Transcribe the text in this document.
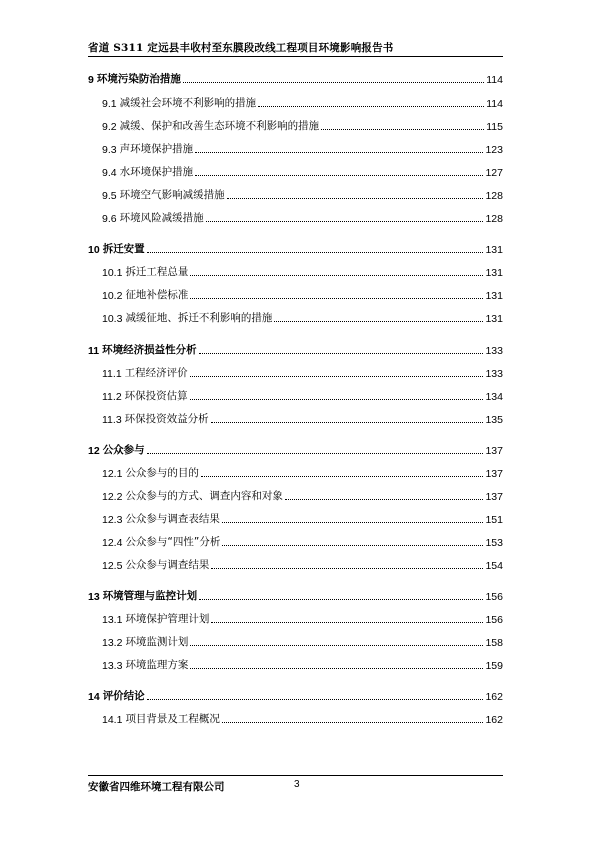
省道 S311 定远县丰收村至东膜段改线工程项目环境影响报告书
9 环境污染防治措施	114
9.1 减缓社会环境不利影响的措施	114
9.2 减缓、保护和改善生态环境不利影响的措施	115
9.3 声环境保护措施	123
9.4 水环境保护措施	127
9.5 环境空气影响减缓措施	128
9.6 环境风险减缓措施	128
10 拆迁安置	131
10.1 拆迁工程总量	131
10.2 征地补偿标准	131
10.3 减缓征地、拆迁不利影响的措施	131
11 环境经济损益性分析	133
11.1 工程经济评价	133
11.2 环保投资估算	134
11.3 环保投资效益分析	135
12 公众参与	137
12.1 公众参与的目的	137
12.2 公众参与的方式、调查内容和对象	137
12.3 公众参与调查表结果	151
12.4 公众参与“四性”分析	153
12.5 公众参与调查结果	154
13 环境管理与监控计划	156
13.1 环境保护管理计划	156
13.2 环境监测计划	158
13.3 环境监理方案	159
14 评价结论	162
14.1 项目背景及工程概况	162
安徽省四维环境工程有限公司	3
